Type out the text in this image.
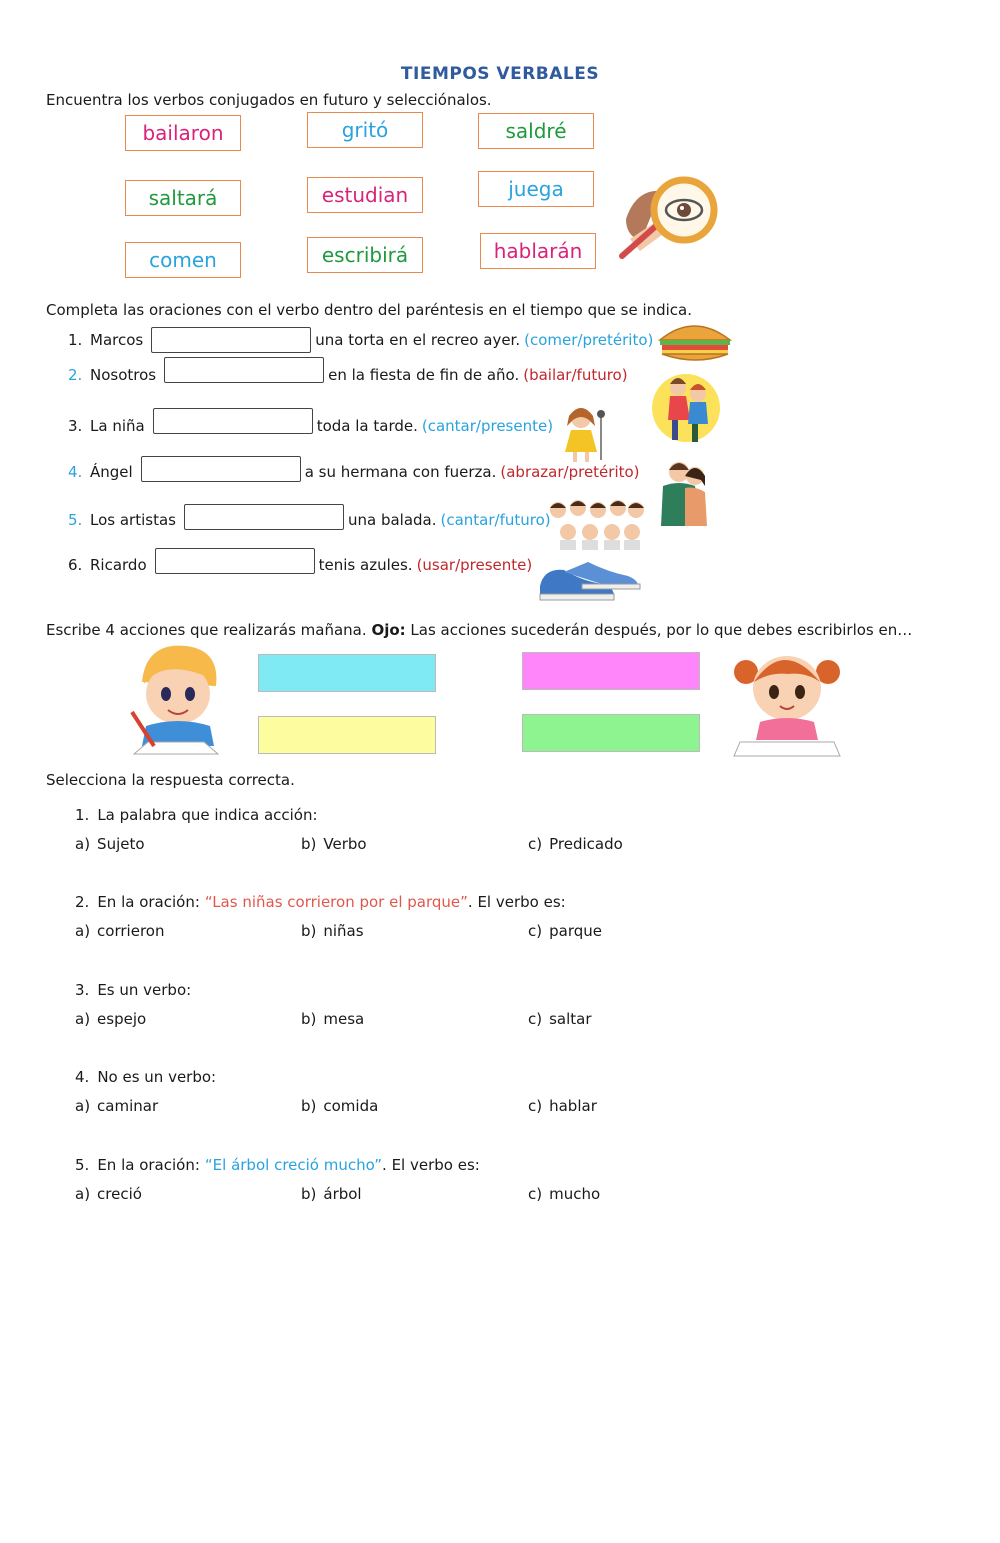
TIEMPOS VERBALES
Encuentra los verbos conjugados en futuro y selecciónalos.
bailaron	gritó	saldré
saltará	estudian	juega
comen	escribirá	hablarán
Completa las oraciones con el verbo dentro del paréntesis en el tiempo que se indica.
1. Marcos	una torta en el recreo ayer. (comer/pretérito)
2. Nosotros	en la fiesta de fin de año. (bailar/futuro)
3. La niña	toda la tarde. (cantar/presente)
4. Ángel	a su hermana con fuerza. (abrazar/pretérito)
5. Los artistas	una balada. (cantar/futuro)
6. Ricardo	tenis azules. (usar/presente)
Escribe 4 acciones que realizarás mañana. Ojo: Las acciones sucederán después, por lo que debes escribirlos en…
Selecciona la respuesta correcta.
1. La palabra que indica acción:
a) Sujeto	b) Verbo	c) Predicado
2. En la oración: “Las niñas corrieron por el parque”. El verbo es:
a) corrieron	b) niñas	c) parque
3. Es un verbo:
a) espejo	b) mesa	c) saltar
4. No es un verbo:
a) caminar	b) comida	c) hablar
5. En la oración: “El árbol creció mucho”. El verbo es:
a) creció	b) árbol	c) mucho
